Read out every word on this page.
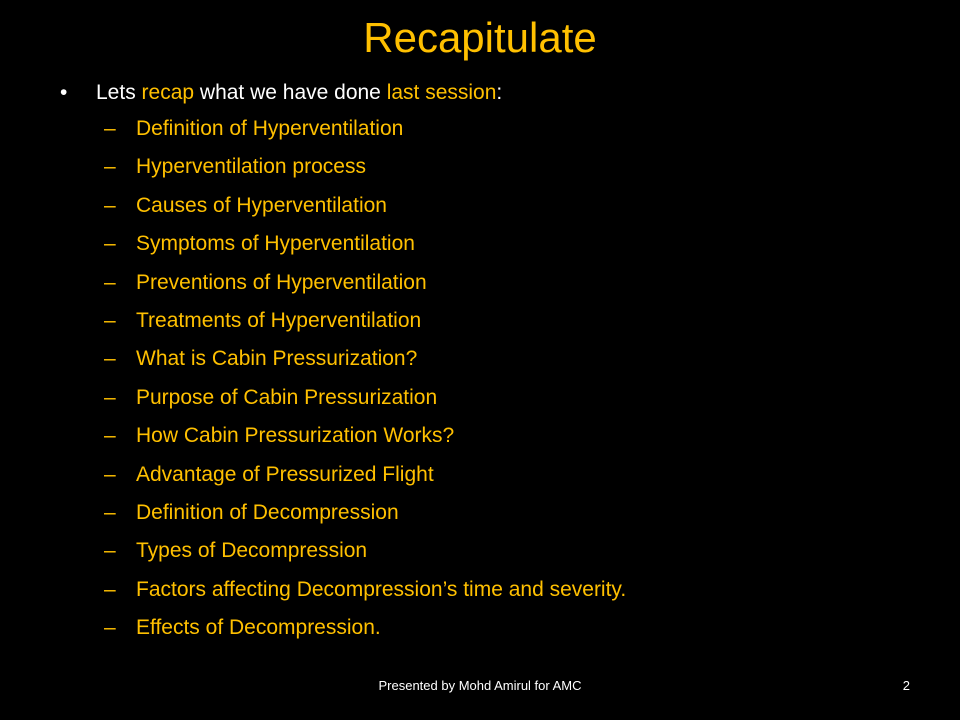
Recapitulate
• Lets recap what we have done last session:
– Definition of Hyperventilation
– Hyperventilation process
– Causes of Hyperventilation
– Symptoms of Hyperventilation
– Preventions of Hyperventilation
– Treatments of Hyperventilation
– What is Cabin Pressurization?
– Purpose of Cabin Pressurization
– How Cabin Pressurization Works?
– Advantage of Pressurized Flight
– Definition of Decompression
– Types of Decompression
– Factors affecting Decompression’s time and severity.
– Effects of Decompression.
Presented by Mohd Amirul for AMC	2
